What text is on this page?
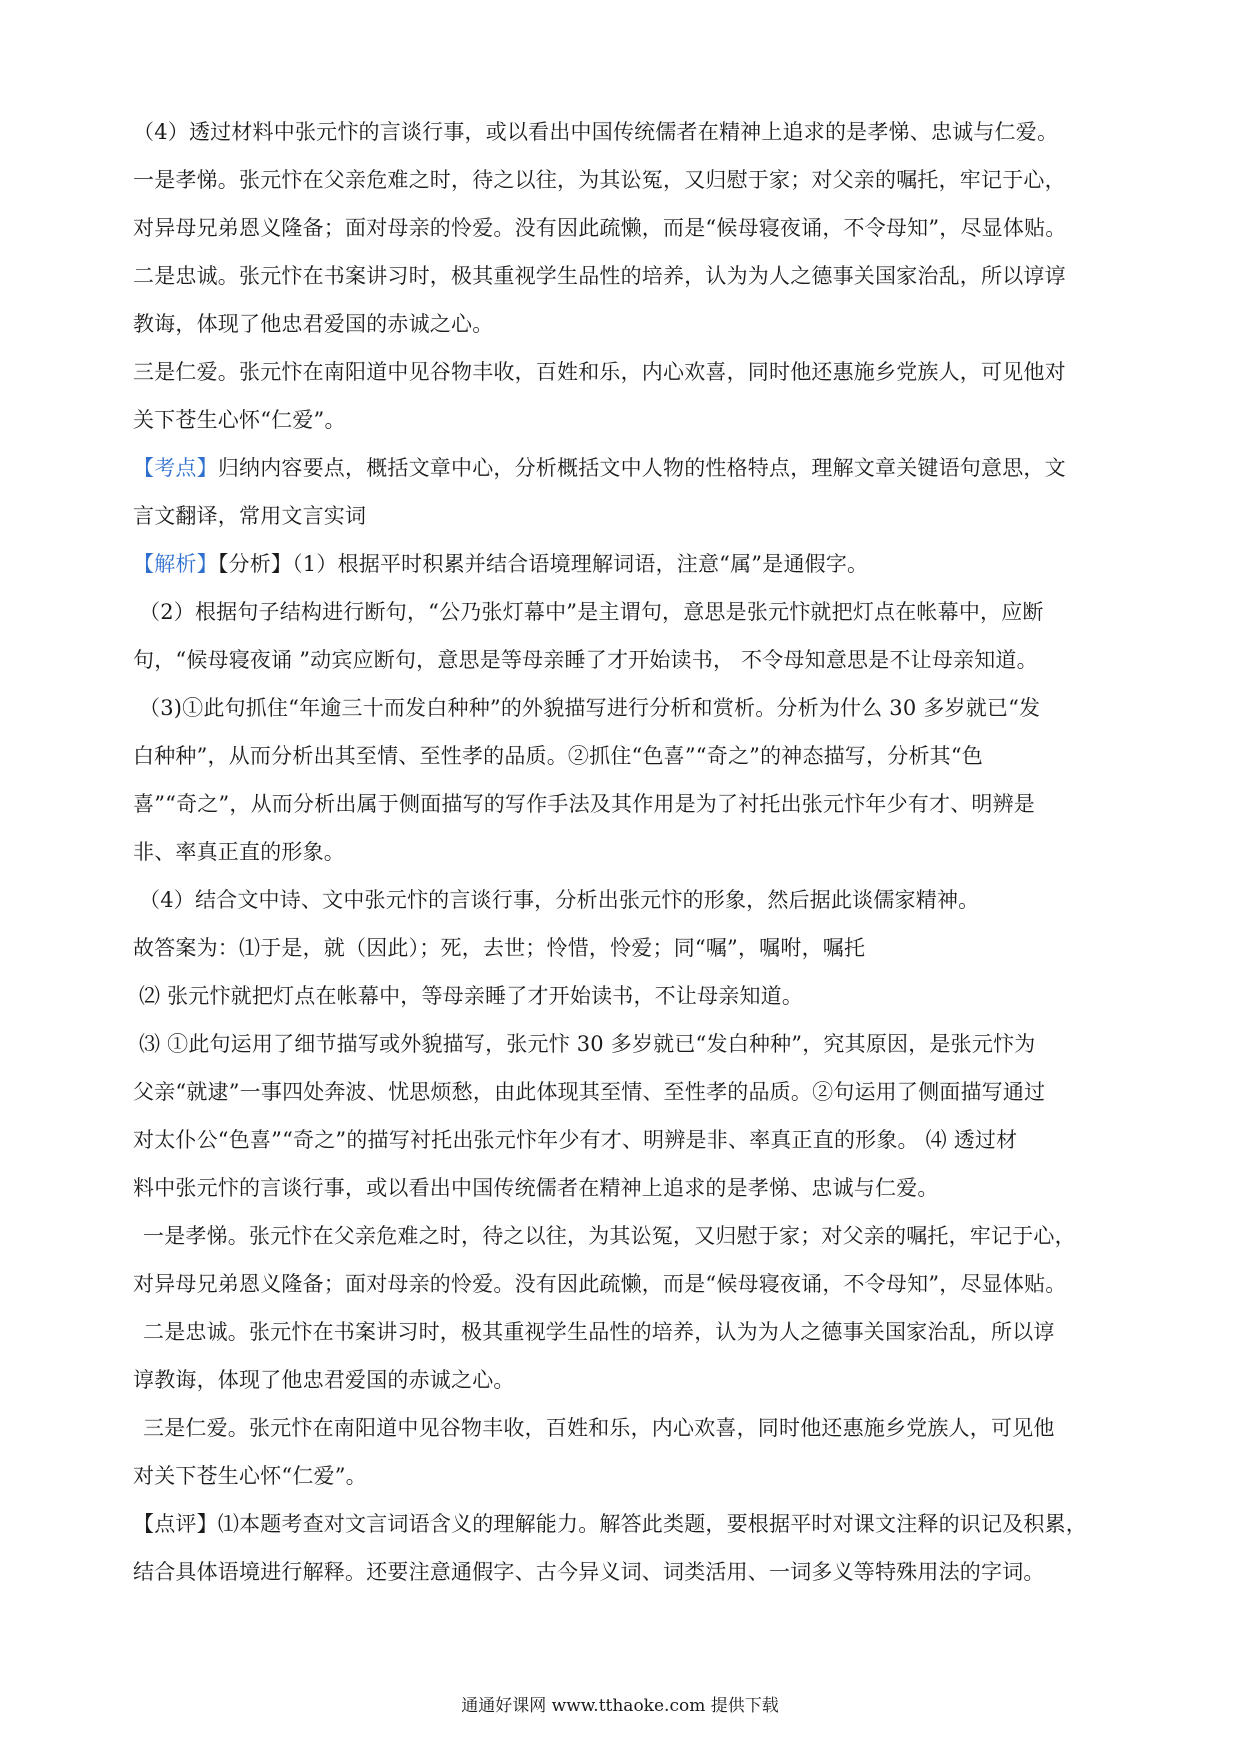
（4）透过材料中张元忭的言谈行事，或以看出中国传统儒者在精神上追求的是孝悌、忠诚与仁爱。
一是孝悌。张元忭在父亲危难之时，待之以往，为其讼冤，又归慰于家；对父亲的嘱托，牢记于心，
对异母兄弟恩义隆备；面对母亲的怜爱。没有因此疏懒，而是“候母寝夜诵，不令母知”，尽显体贴。
二是忠诚。张元忭在书案讲习时，极其重视学生品性的培养，认为为人之德事关国家治乱，所以谆谆
教诲，体现了他忠君爱国的赤诚之心。
三是仁爱。张元忭在南阳道中见谷物丰收，百姓和乐，内心欢喜，同时他还惠施乡党族人，可见他对
关下苍生心怀“仁爱”。
【考点】归纳内容要点，概括文章中心，分析概括文中人物的性格特点，理解文章关键语句意思，文
言文翻译，常用文言实词
【解析】【分析】（1）根据平时积累并结合语境理解词语，注意“属”是通假字。
（2）根据句子结构进行断句，“公乃张灯幕中”是主谓句，意思是张元忭就把灯点在帐幕中，应断
句，“候母寝夜诵 ”动宾应断句，意思是等母亲睡了才开始读书， 不令母知意思是不让母亲知道。
（3)①此句抓住“年逾三十而发白种种”的外貌描写进行分析和赏析。分析为什么 30 多岁就已“发
白种种”，从而分析出其至情、至性孝的品质。②抓住“色喜”“奇之”的神态描写，分析其“色
喜”“奇之”，从而分析出属于侧面描写的写作手法及其作用是为了衬托出张元忭年少有才、明辨是
非、率真正直的形象。
（4）结合文中诗、文中张元忭的言谈行事，分析出张元忭的形象，然后据此谈儒家精神。
故答案为：⑴于是，就（因此）；死，去世；怜惜，怜爱；同“嘱”，嘱咐，嘱托
⑵ 张元忭就把灯点在帐幕中，等母亲睡了才开始读书，不让母亲知道。
⑶ ①此句运用了细节描写或外貌描写，张元忭 30 多岁就已“发白种种”，究其原因，是张元忭为
父亲“就逮”一事四处奔波、忧思烦愁，由此体现其至情、至性孝的品质。②句运用了侧面描写通过
对太仆公“色喜”“奇之”的描写衬托出张元忭年少有才、明辨是非、率真正直的形象。 ⑷ 透过材
料中张元忭的言谈行事，或以看出中国传统儒者在精神上追求的是孝悌、忠诚与仁爱。
一是孝悌。张元忭在父亲危难之时，待之以往，为其讼冤，又归慰于家；对父亲的嘱托，牢记于心，
对异母兄弟恩义隆备；面对母亲的怜爱。没有因此疏懒，而是“候母寝夜诵，不令母知”，尽显体贴。
二是忠诚。张元忭在书案讲习时，极其重视学生品性的培养，认为为人之德事关国家治乱，所以谆
谆教诲，体现了他忠君爱国的赤诚之心。
三是仁爱。张元忭在南阳道中见谷物丰收，百姓和乐，内心欢喜，同时他还惠施乡党族人，可见他
对关下苍生心怀“仁爱”。
【点评】⑴本题考查对文言词语含义的理解能力。解答此类题，要根据平时对课文注释的识记及积累，
结合具体语境进行解释。还要注意通假字、古今异义词、词类活用、一词多义等特殊用法的字词。
通通好课网 www.tthaoke.com 提供下载
